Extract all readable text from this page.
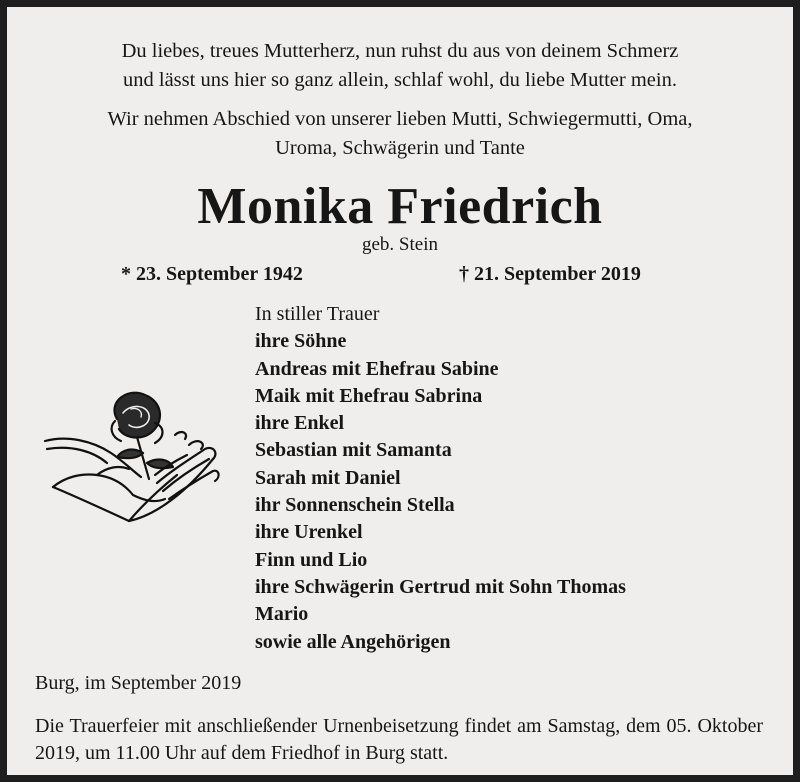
Du liebes, treues Mutterherz, nun ruhst du aus von deinem Schmerz
und lässt uns hier so ganz allein, schlaf wohl, du liebe Mutter mein.
Wir nehmen Abschied von unserer lieben Mutti, Schwiegermutti, Oma,
Uroma, Schwägerin und Tante
Monika Friedrich
geb. Stein
* 23. September 1942	† 21. September 2019
In stiller Trauer
ihre Söhne
Andreas mit Ehefrau Sabine
Maik mit Ehefrau Sabrina
ihre Enkel
Sebastian mit Samanta
Sarah mit Daniel
ihr Sonnenschein Stella
ihre Urenkel
Finn und Lio
ihre Schwägerin Gertrud mit Sohn Thomas
Mario
sowie alle Angehörigen
Burg, im September 2019
Die Trauerfeier mit anschließender Urnenbeisetzung findet am Samstag, dem 05. Oktober 2019, um 11.00 Uhr auf dem Friedhof in Burg statt.
